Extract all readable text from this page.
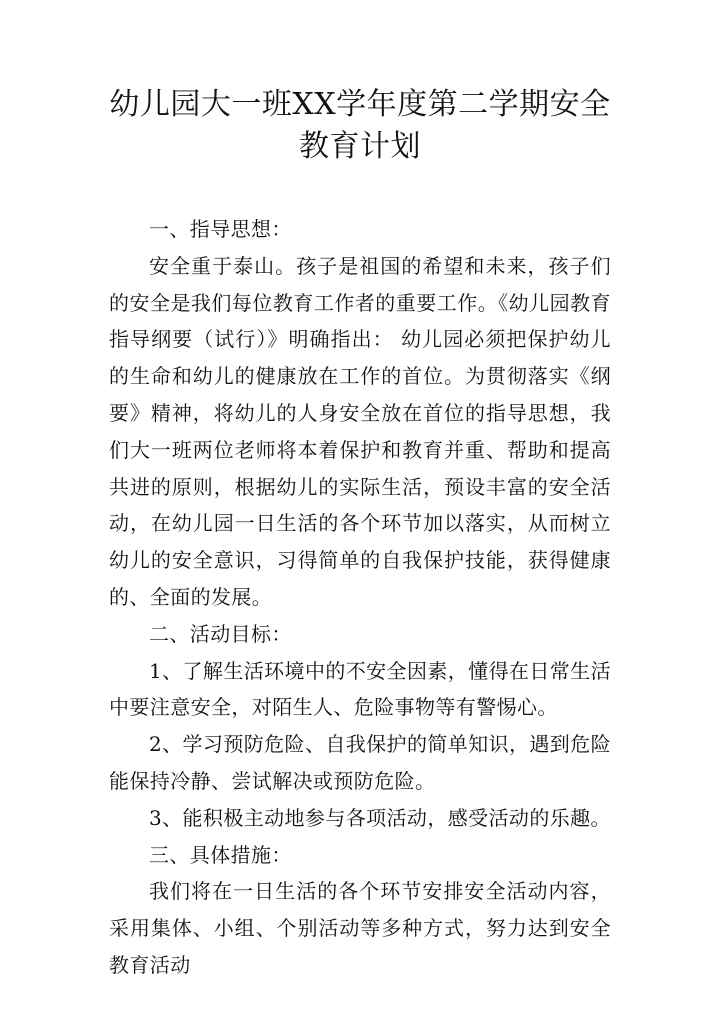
幼儿园大一班XX学年度第二学期安全教育计划

一、指导思想：

安全重于泰山。孩子是祖国的希望和未来，孩子们的安全是我们每位教育工作者的重要工作。《幼儿园教育指导纲要（试行）》明确指出： 幼儿园必须把保护幼儿的生命和幼儿的健康放在工作的首位。为贯彻落实《纲要》精神，将幼儿的人身安全放在首位的指导思想，我们大一班两位老师将本着保护和教育并重、帮助和提高共进的原则，根据幼儿的实际生活，预设丰富的安全活动，在幼儿园一日生活的各个环节加以落实，从而树立幼儿的安全意识，习得简单的自我保护技能，获得健康的、全面的发展。

二、活动目标：

1、了解生活环境中的不安全因素，懂得在日常生活中要注意安全，对陌生人、危险事物等有警惕心。

2、学习预防危险、自我保护的简单知识，遇到危险能保持冷静、尝试解决或预防危险。

3、能积极主动地参与各项活动，感受活动的乐趣。

三、具体措施：

我们将在一日生活的各个环节安排安全活动内容，采用集体、小组、个别活动等多种方式，努力达到安全教育活动
